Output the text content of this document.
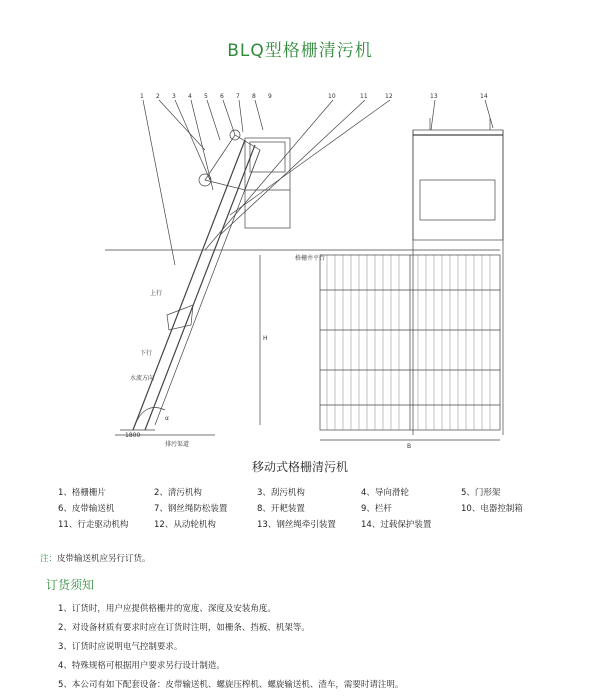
BLQ型格栅清污机
1 2 3 4 5 6 7 8 9	10	11	12	13	14
上行
下行
水流方向
格栅井平台
H
B
α
1800
排污渠道
移动式格栅清污机
1、格栅栅片	2、清污机构	3、刮污机构	4、导向滑轮	5、门形架
6、皮带输送机	7、钢丝绳防松装置	8、开耙装置	9、栏杆	10、电器控制箱
11、行走驱动机构	12、从动轮机构	13、钢丝绳牵引装置	14、过载保护装置
注：皮带输送机应另行订货。
订货须知
1、订货时，用户应提供格栅井的宽度、深度及安装角度。
2、对设备材质有要求时应在订货时注明，如栅条、挡板、机架等。
3、订货时应说明电气控制要求。
4、特殊规格可根据用户要求另行设计制造。
5、本公司有如下配套设备：皮带输送机、螺旋压榨机、螺旋输送机、渣车，需要时请注明。
